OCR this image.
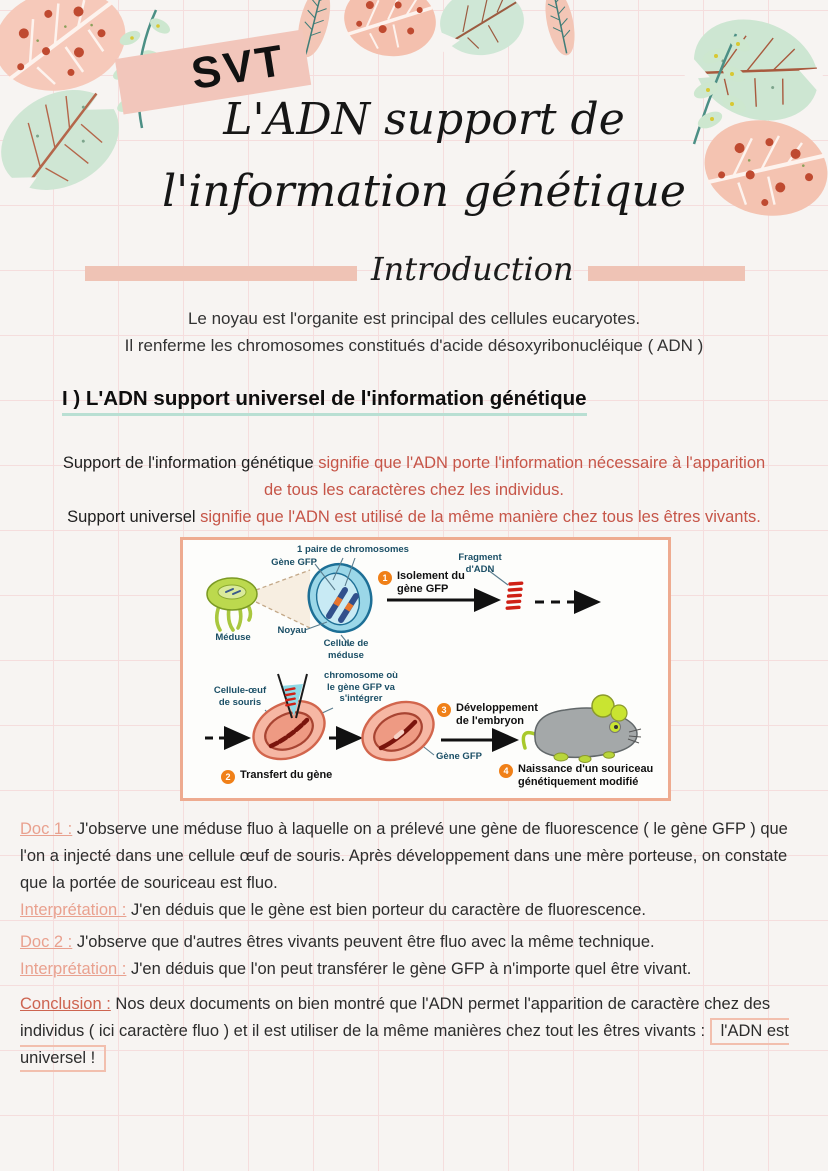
SVT
L'ADN support de
l'information génétique
Introduction
Le noyau est l'organite est principal des cellules eucaryotes.
Il renferme les chromosomes constitués d'acide désoxyribonucléique ( ADN )
I ) L'ADN support universel de l'information génétique

Support de l'information génétique signifie que l'ADN porte l'information nécessaire à l'apparition de tous les caractères chez les individus.
Support universel signifie que l'ADN est utilisé de la même manière chez tous les êtres vivants.

1 paire de chromosomes
Gène GFP
Méduse
Noyau
Cellule de méduse
Fragment d'ADN
Cellule-œuf de souris
chromosome où le gène GFP va s'intégrer
Gène GFP
1 Isolement du gène GFP
2 Transfert du gène
3 Développement de l'embryon
4 Naissance d'un souriceau génétiquement modifié
Doc 1 : J'observe une méduse fluo à laquelle on a prélevé une gène de fluorescence ( le gène GFP ) que l'on a injecté dans une cellule œuf de souris. Après développement dans une mère porteuse, on constate que la portée de souriceau est fluo.
Interprétation : J'en déduis que le gène est bien porteur du caractère de fluorescence.
Doc 2 : J'observe que d'autres êtres vivants peuvent être fluo avec la même technique.
Interprétation : J'en déduis que l'on peut transférer le gène GFP à n'importe quel être vivant.
Conclusion : Nos deux documents on bien montré que l'ADN permet l'apparition de caractère chez des individus ( ici caractère fluo ) et il est utiliser de la même manières chez tout les êtres vivants : l'ADN est universel !
